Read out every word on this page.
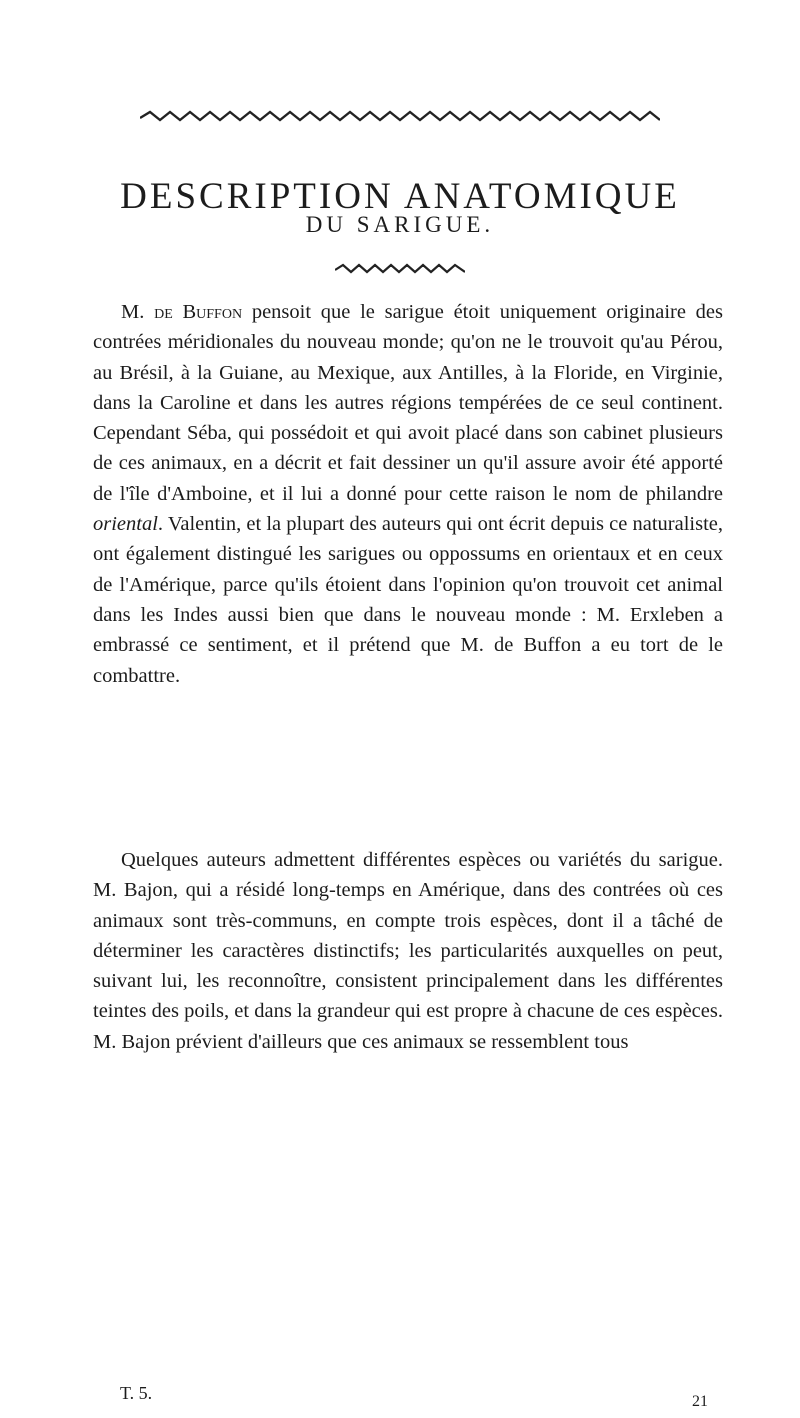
DESCRIPTION ANATOMIQUE
DU SARIGUE.

M. de Buffon pensoit que le sarigue étoit uniquement originaire des contrées méridionales du nouveau monde; qu'on ne le trouvoit qu'au Pérou, au Brésil, à la Guiane, au Mexique, aux Antilles, à la Floride, en Virginie, dans la Caroline et dans les autres régions tempérées de ce seul continent. Cependant Séba, qui possédoit et qui avoit placé dans son cabinet plusieurs de ces animaux, en a décrit et fait dessiner un qu'il assure avoir été apporté de l'île d'Amboine, et il lui a donné pour cette raison le nom de philandre oriental. Valentin, et la plupart des auteurs qui ont écrit depuis ce naturaliste, ont également distingué les sarigues ou oppossums en orientaux et en ceux de l'Amérique, parce qu'ils étoient dans l'opinion qu'on trouvoit cet animal dans les Indes aussi bien que dans le nouveau monde : M. Erxleben a embrassé ce sentiment, et il prétend que M. de Buffon a eu tort de le combattre.

Quelques auteurs admettent différentes espèces ou variétés du sarigue. M. Bajon, qui a résidé long-temps en Amérique, dans des contrées où ces animaux sont très-communs, en compte trois espèces, dont il a tâché de déterminer les caractères distinctifs; les particularités auxquelles on peut, suivant lui, les reconnoître, consistent principalement dans les différentes teintes des poils, et dans la grandeur qui est propre à chacune de ces espèces. M. Bajon prévient d'ailleurs que ces animaux se ressemblent tous

T. 5.	21
